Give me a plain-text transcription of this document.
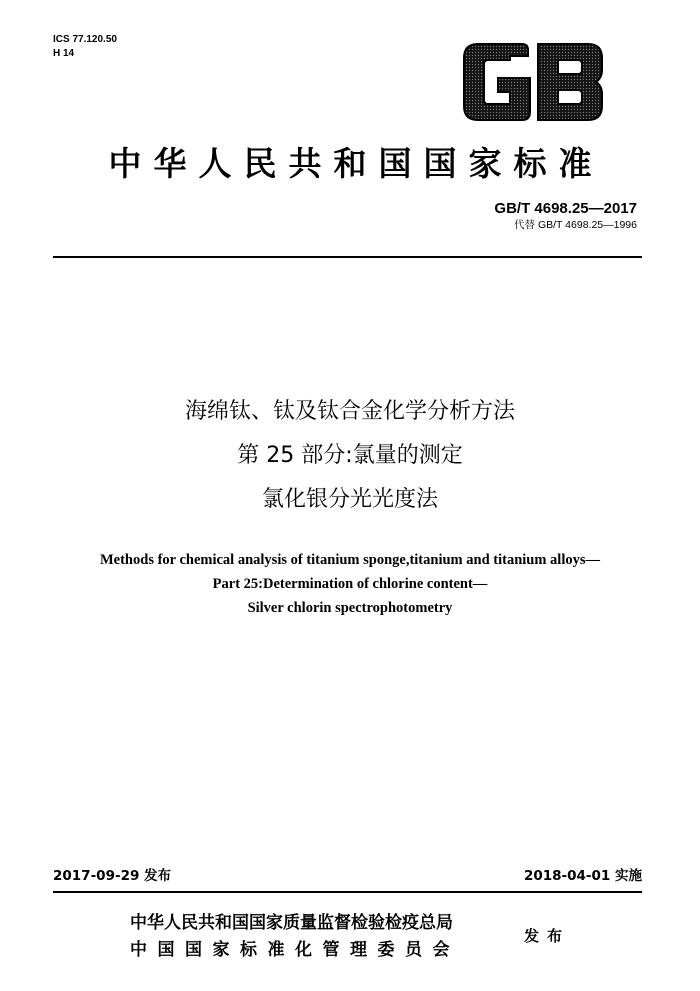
ICS 77.120.50
H 14
GB
中华人民共和国国家标准
GB/T 4698.25—2017
代替 GB/T 4698.25—1996
海绵钛、钛及钛合金化学分析方法
第 25 部分:氯量的测定
氯化银分光光度法
Methods for chemical analysis of titanium sponge,titanium and titanium alloys—
Part 25:Determination of chlorine content—
Silver chlorin spectrophotometry
2017-09-29 发布	2018-04-01 实施
中华人民共和国国家质量监督检验检疫总局
中国国家标准化管理委员会
发布
